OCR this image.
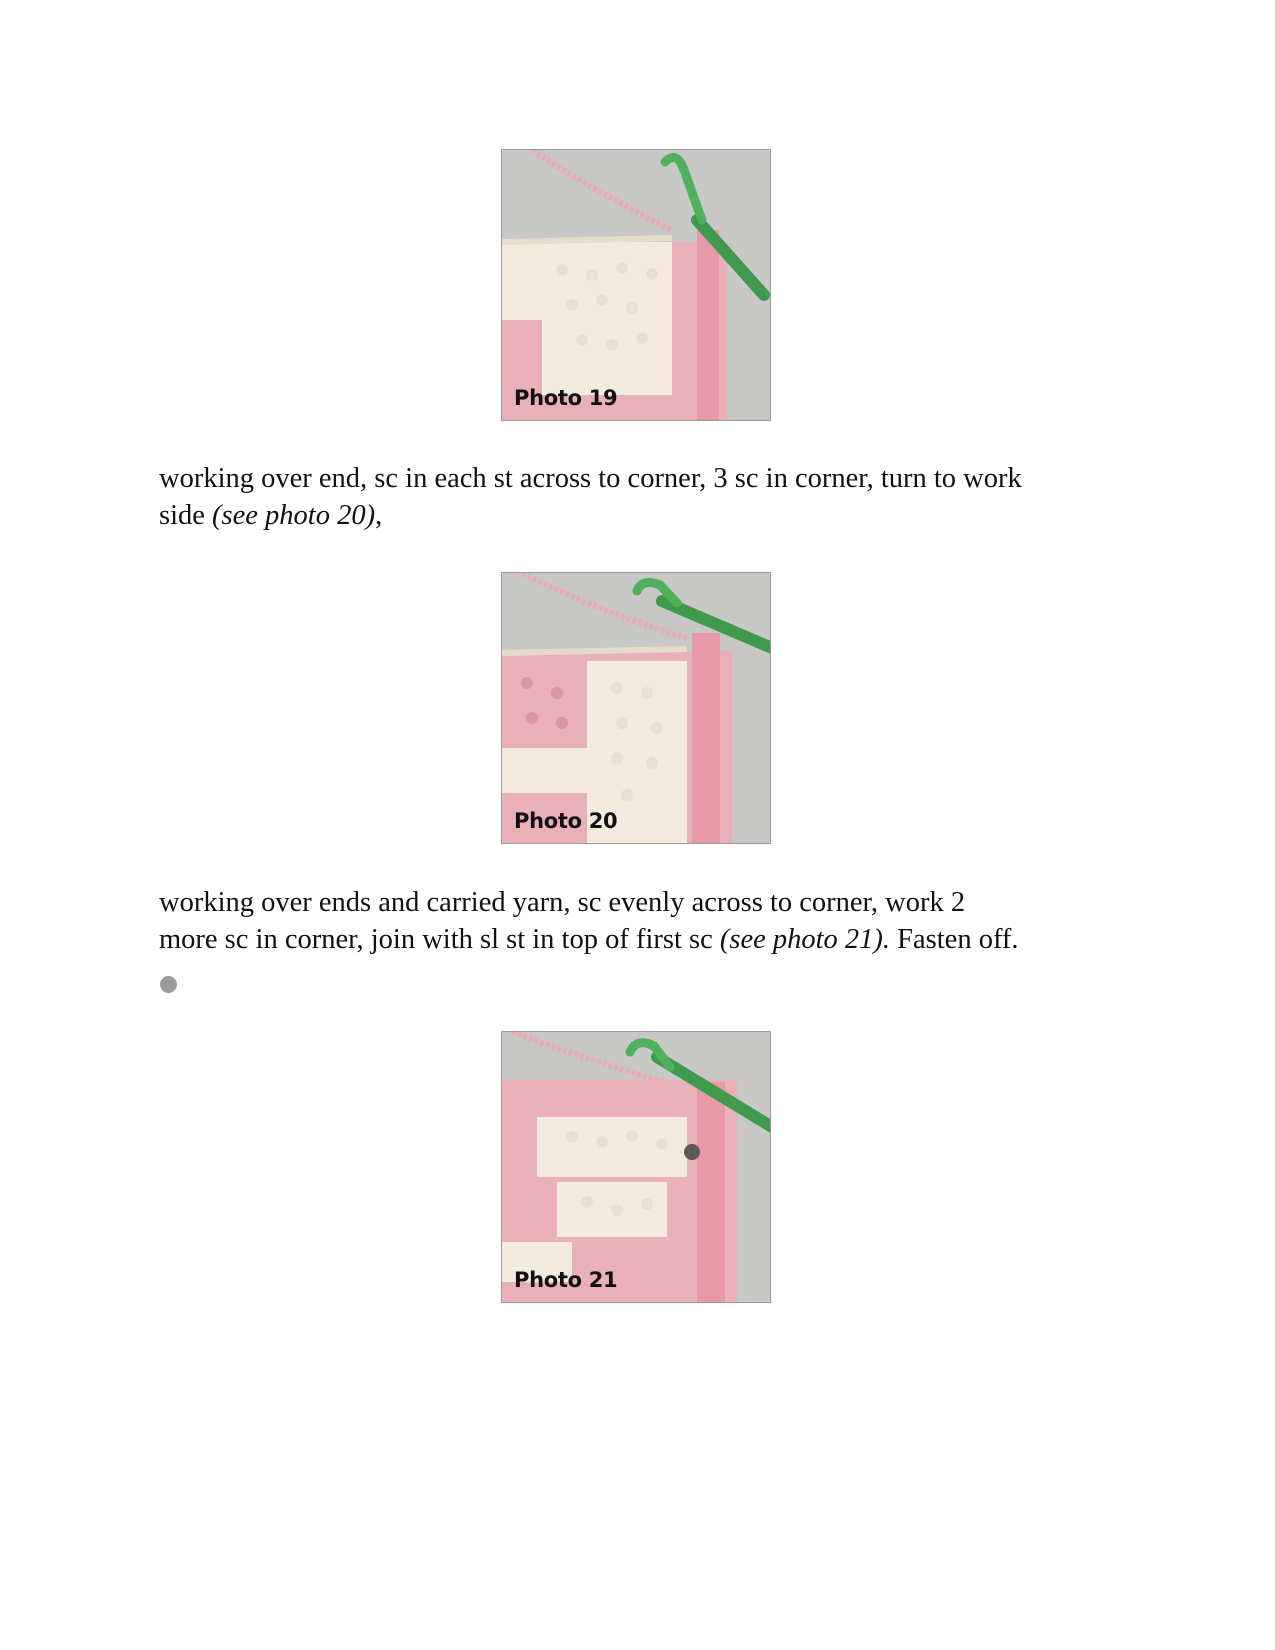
Photo 19

working over end, sc in each st across to corner, 3 sc in corner, turn to work
side (see photo 20),

Photo 20

working over ends and carried yarn, sc evenly across to corner, work 2
more sc in corner, join with sl st in top of first sc (see photo 21). Fasten off.

Photo 21
